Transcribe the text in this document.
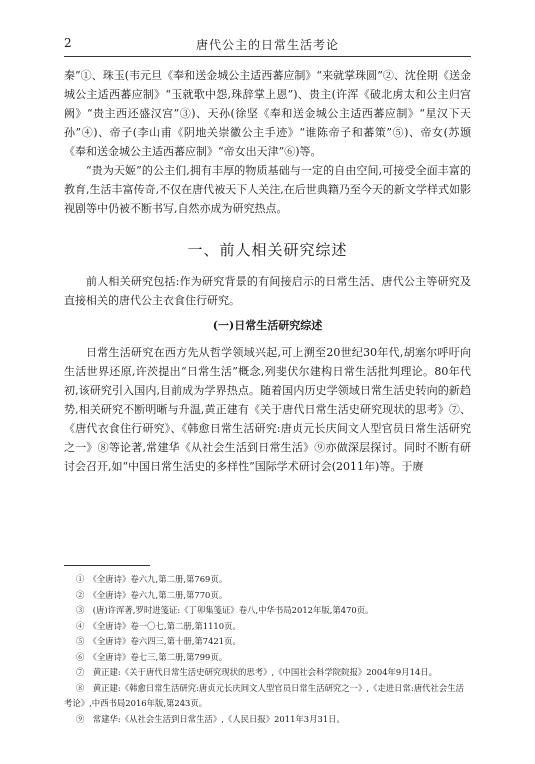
2	唐代公主的日常生活考论

秦”①、珠玉(韦元旦《奉和送金城公主适西蕃应制》“来就掌珠圆”②、沈佺期《送金城公主适西蕃应制》“玉就歌中怨,珠辞掌上恩”)、贵主(许浑《破北虏太和公主归宫阙》“贵主西还盛汉宫”③)、天孙(徐坚《奉和送金城公主适西蕃应制》“星汉下天孙”④)、帝子(李山甫《阴地关崇徽公主手迹》“谁陈帝子和蕃策”⑤)、帝女(苏颋《奉和送金城公主适西蕃应制》“帝女出天津”⑥)等。

“贵为天姬”的公主们,拥有丰厚的物质基础与一定的自由空间,可接受全面丰富的教育,生活丰富传奇,不仅在唐代被天下人关注,在后世典籍乃至今天的新文学样式如影视剧等中仍被不断书写,自然亦成为研究热点。

一、前人相关研究综述

前人相关研究包括:作为研究背景的有间接启示的日常生活、唐代公主等研究及直接相关的唐代公主衣食住行研究。

(一)日常生活研究综述

日常生活研究在西方先从哲学领域兴起,可上溯至20世纪30年代,胡塞尔呼吁向生活世界还原,许茨提出“日常生活”概念,列斐伏尔建构日常生活批判理论。80年代初,该研究引入国内,目前成为学界热点。随着国内历史学领域日常生活史转向的新趋势,相关研究不断明晰与升温,黄正建有《关于唐代日常生活史研究现状的思考》⑦、《唐代衣食住行研究》、《韩愈日常生活研究:唐贞元长庆间文人型官员日常生活研究之一》⑧等论著,常建华《从社会生活到日常生活》⑨亦做深层探讨。同时不断有研讨会召开,如“中国日常生活史的多样性”国际学术研讨会(2011年)等。于赓

①　《全唐诗》卷六九,第二册,第769页。
②　《全唐诗》卷六九,第二册,第770页。
③　(唐)许浑著,罗时进笺证:《丁卯集笺证》卷八,中华书局2012年版,第470页。
④　《全唐诗》卷一〇七,第二册,第1110页。
⑤　《全唐诗》卷六四三,第十册,第7421页。
⑥　《全唐诗》卷七三,第二册,第799页。
⑦　黄正建:《关于唐代日常生活史研究现状的思考》,《中国社会科学院院报》2004年9月14日。
⑧　黄正建:《韩愈日常生活研究:唐贞元长庆间文人型官员日常生活研究之一》,《走进日常:唐代社会生活考论》,中西书局2016年版,第243页。
⑨　常建华:《从社会生活到日常生活》,《人民日报》2011年3月31日。
